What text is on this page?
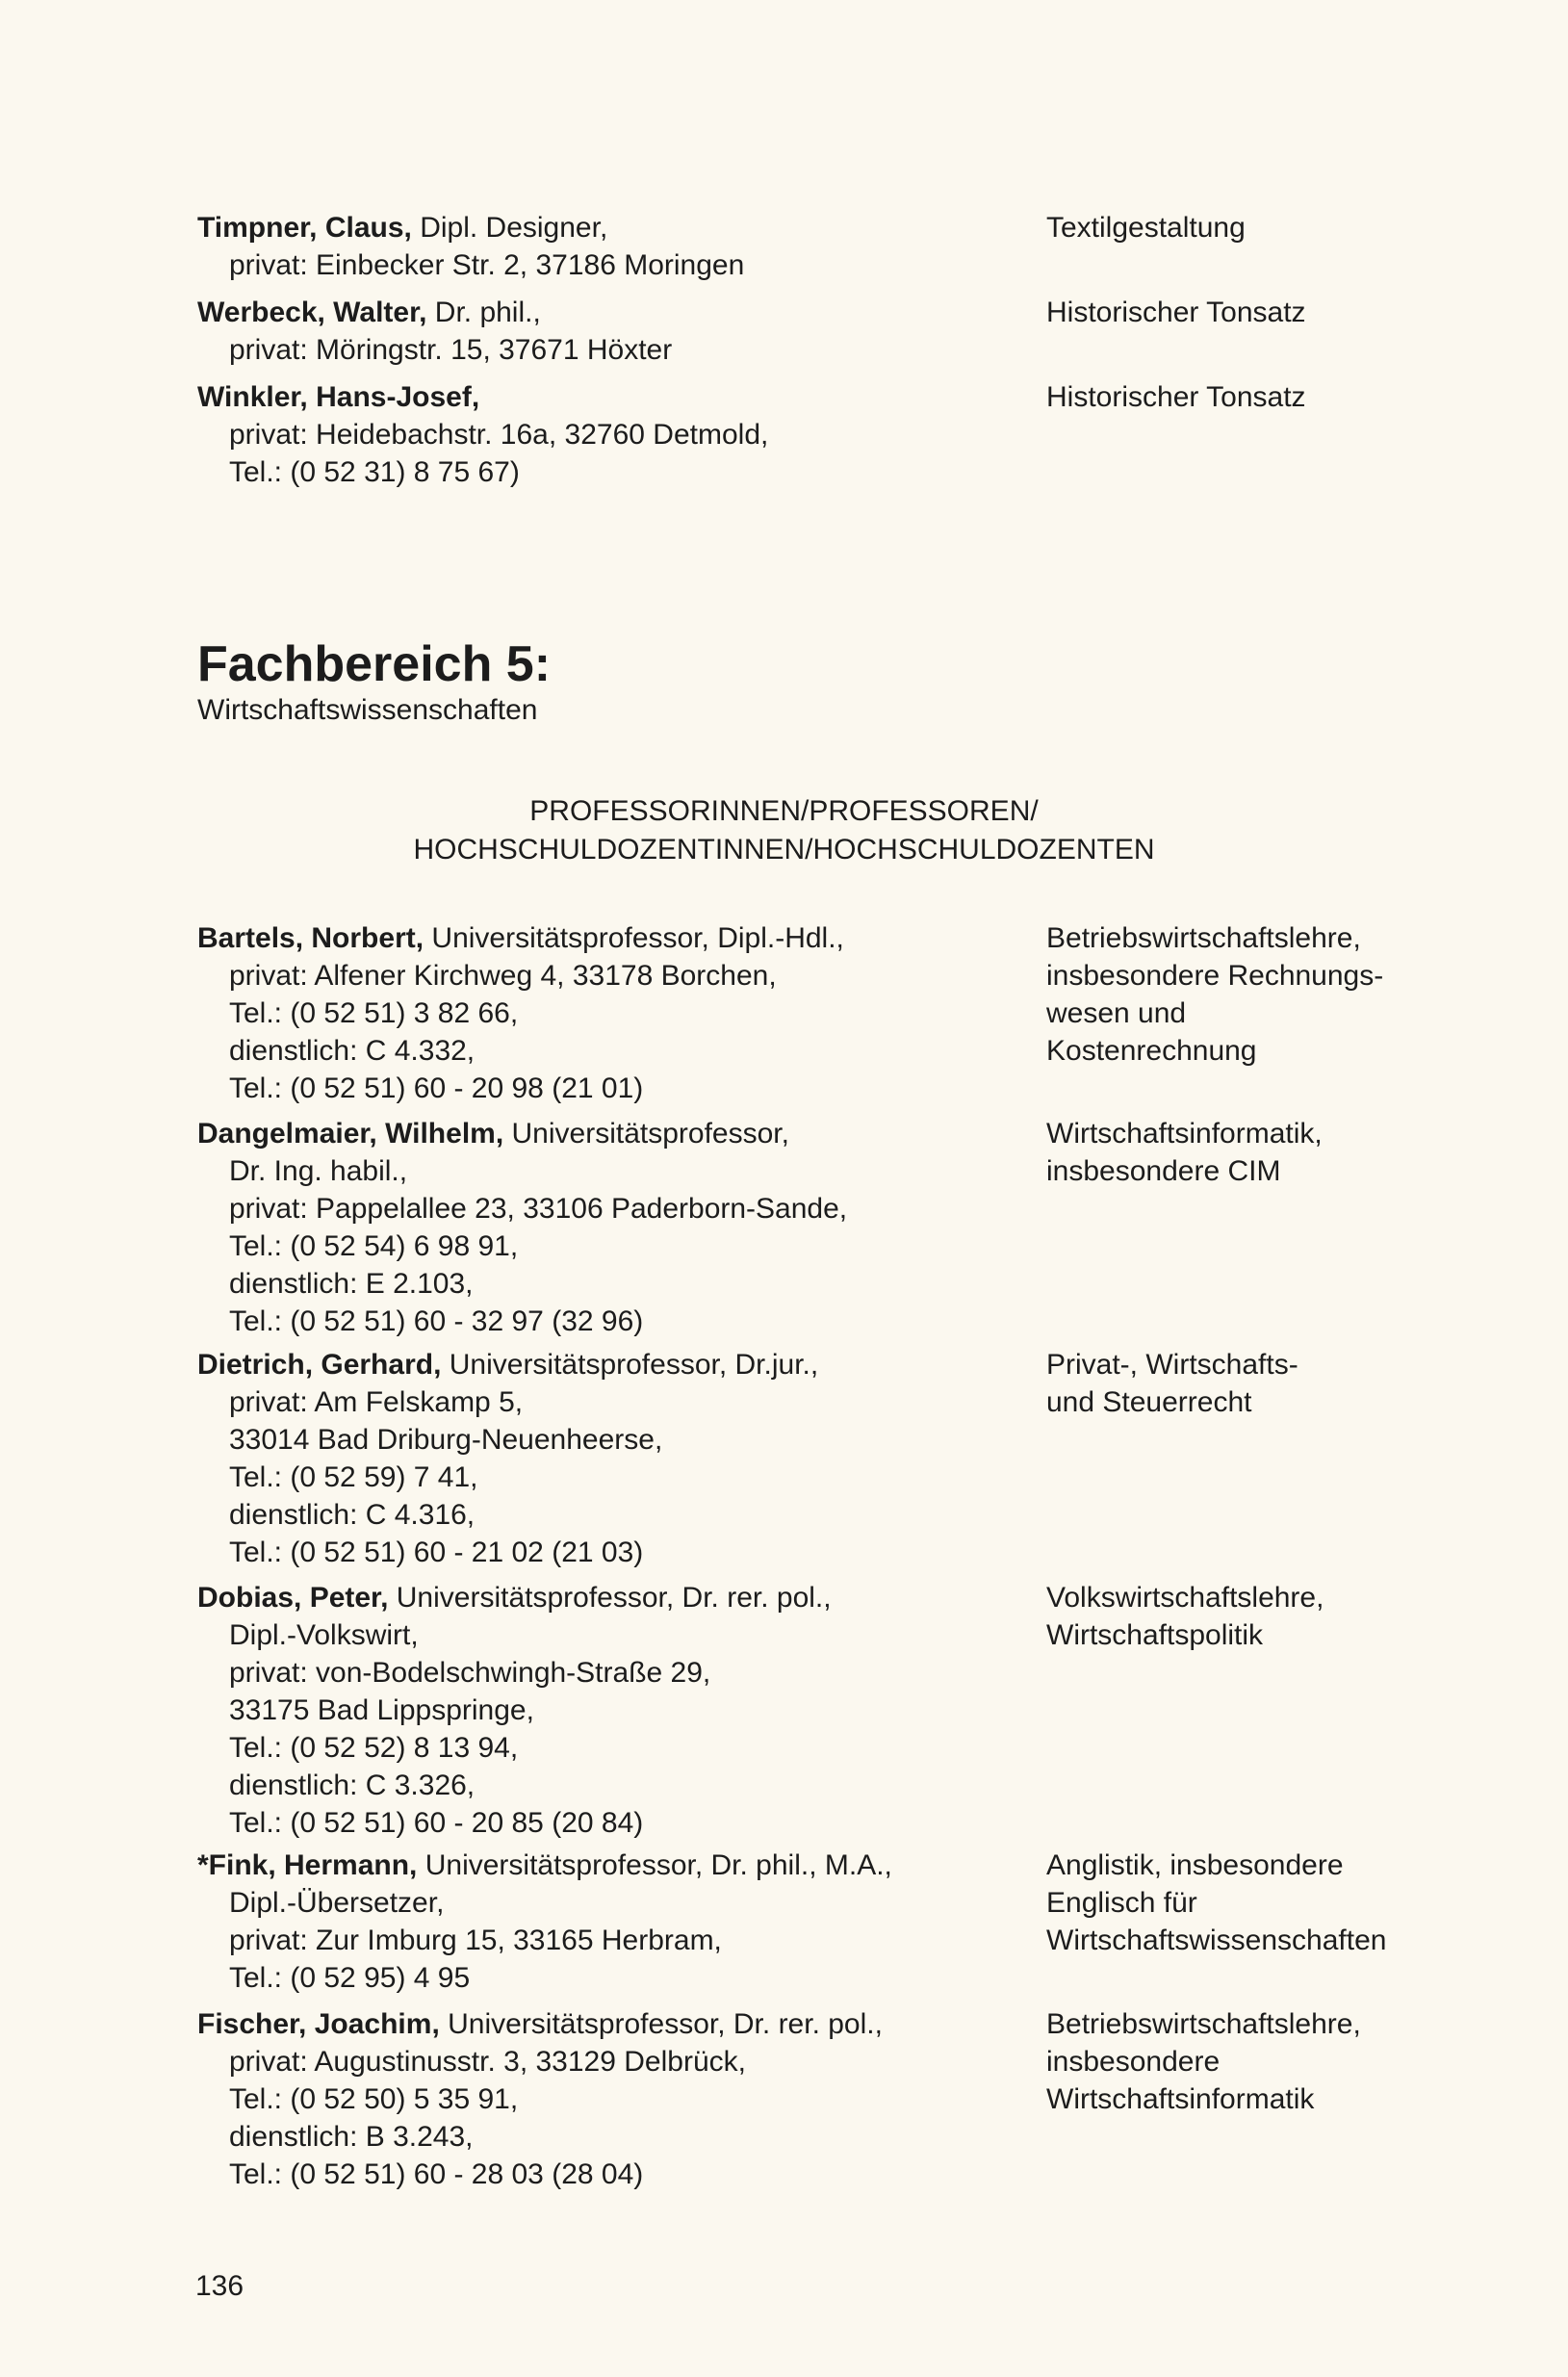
Timpner, Claus, Dipl. Designer,
privat: Einbecker Str. 2, 37186 Moringen
Textilgestaltung
Werbeck, Walter, Dr. phil.,
privat: Möringstr. 15, 37671 Höxter
Historischer Tonsatz
Winkler, Hans-Josef,
privat: Heidebachstr. 16a, 32760 Detmold,
Tel.: (0 52 31) 8 75 67)
Historischer Tonsatz
Fachbereich 5:
Wirtschaftswissenschaften
PROFESSORINNEN/PROFESSOREN/
HOCHSCHULDOZENTINNEN/HOCHSCHULDOZENTEN
Bartels, Norbert, Universitätsprofessor, Dipl.-Hdl.,
privat: Alfener Kirchweg 4, 33178 Borchen,
Tel.: (0 52 51) 3 82 66,
dienstlich: C 4.332,
Tel.: (0 52 51) 60 - 20 98 (21 01)
Betriebswirtschaftslehre,
insbesondere Rechnungs-
wesen und
Kostenrechnung
Dangelmaier, Wilhelm, Universitätsprofessor,
Dr. Ing. habil.,
privat: Pappelallee 23, 33106 Paderborn-Sande,
Tel.: (0 52 54) 6 98 91,
dienstlich: E 2.103,
Tel.: (0 52 51) 60 - 32 97 (32 96)
Wirtschaftsinformatik,
insbesondere CIM
Dietrich, Gerhard, Universitätsprofessor, Dr.jur.,
privat: Am Felskamp 5,
33014 Bad Driburg-Neuenheerse,
Tel.: (0 52 59) 7 41,
dienstlich: C 4.316,
Tel.: (0 52 51) 60 - 21 02 (21 03)
Privat-, Wirtschafts-
und Steuerrecht
Dobias, Peter, Universitätsprofessor, Dr. rer. pol.,
Dipl.-Volkswirt,
privat: von-Bodelschwingh-Straße 29,
33175 Bad Lippspringe,
Tel.: (0 52 52) 8 13 94,
dienstlich: C 3.326,
Tel.: (0 52 51) 60 - 20 85 (20 84)
Volkswirtschaftslehre,
Wirtschaftspolitik
*Fink, Hermann, Universitätsprofessor, Dr. phil., M.A.,
Dipl.-Übersetzer,
privat: Zur Imburg 15, 33165 Herbram,
Tel.: (0 52 95) 4 95
Anglistik, insbesondere
Englisch für
Wirtschaftswissenschaften
Fischer, Joachim, Universitätsprofessor, Dr. rer. pol.,
privat: Augustinusstr. 3, 33129 Delbrück,
Tel.: (0 52 50) 5 35 91,
dienstlich: B 3.243,
Tel.: (0 52 51) 60 - 28 03 (28 04)
Betriebswirtschaftslehre,
insbesondere
Wirtschaftsinformatik
136
